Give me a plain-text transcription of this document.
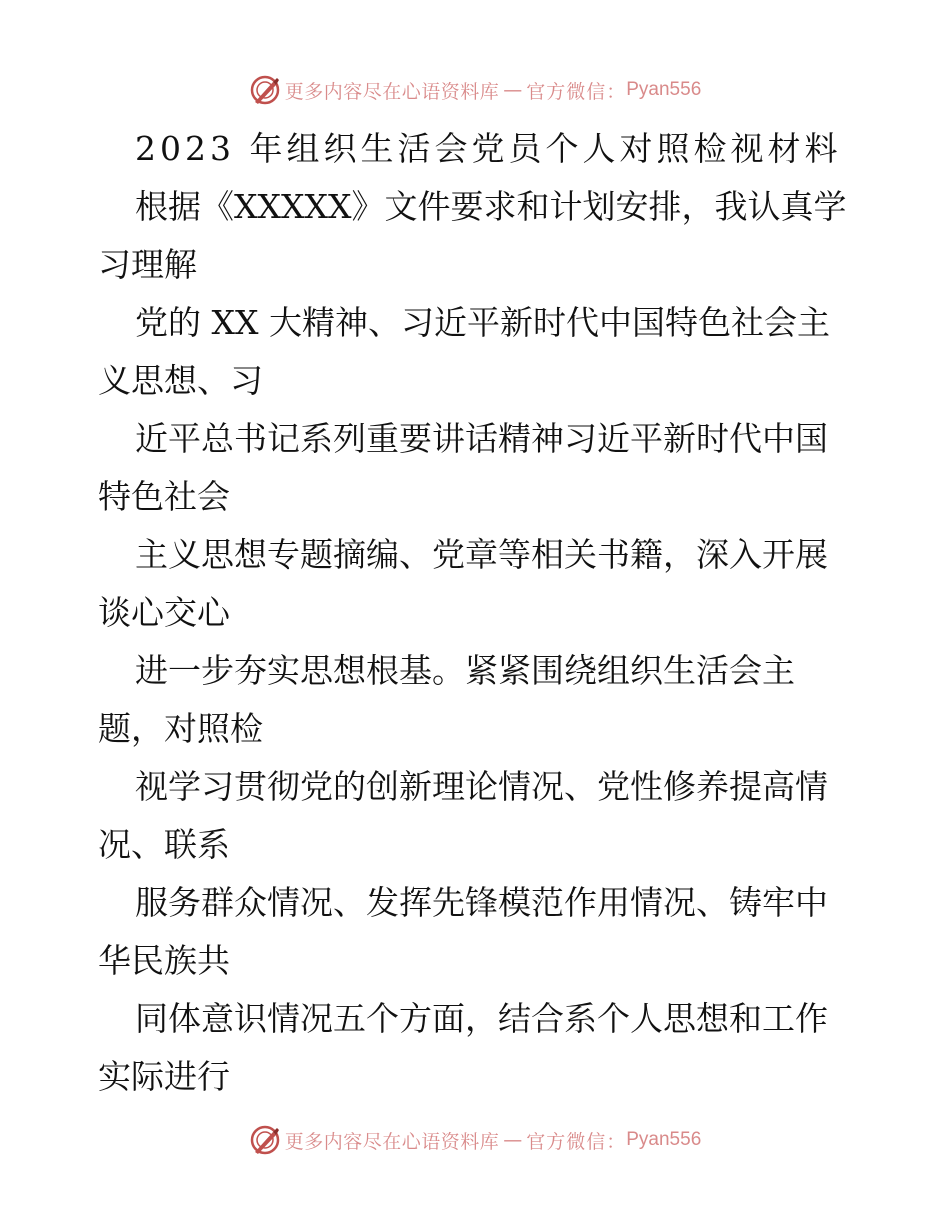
更多内容尽在心语资料库 — 官方微信： Pyan556
2023 年组织生活会党员个人对照检视材料
根据《XXXXX》文件要求和计划安排，我认真学
习理解
党的 XX 大精神、习近平新时代中国特色社会主
义思想、习
近平总书记系列重要讲话精神习近平新时代中国
特色社会
主义思想专题摘编、党章等相关书籍，深入开展
谈心交心
进一步夯实思想根基。紧紧围绕组织生活会主
题，对照检
视学习贯彻党的创新理论情况、党性修养提高情
况、联系
服务群众情况、发挥先锋模范作用情况、铸牢中
华民族共
同体意识情况五个方面，结合系个人思想和工作
实际进行
更多内容尽在心语资料库 — 官方微信： Pyan556
